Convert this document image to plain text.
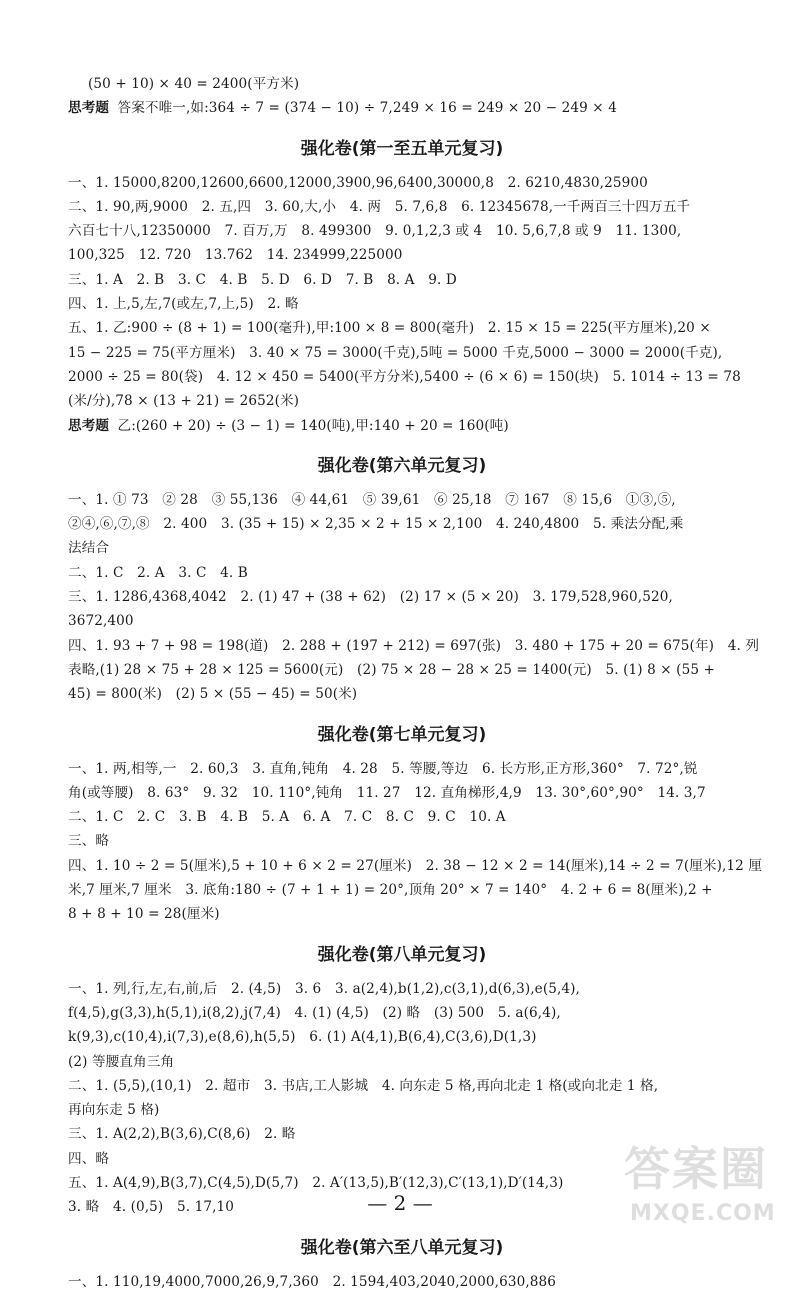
(50 + 10) × 40 = 2400(平方米)
思考题 答案不唯一,如:364 ÷ 7 = (374 − 10) ÷ 7,249 × 16 = 249 × 20 − 249 × 4
强化卷(第一至五单元复习)
一、1. 15000,8200,12600,6600,12000,3900,96,6400,30000,8　2. 6210,4830,25900
二、1. 90,两,9000　2. 五,四　3. 60,大,小　4. 两　5. 7,6,8　6. 12345678,一千两百三十四万五千
六百七十八,12350000　7. 百万,万　8. 499300　9. 0,1,2,3 或 4　10. 5,6,7,8 或 9　11. 1300,
100,325　12. 720　13.762　14. 234999,225000
三、1. A　2. B　3. C　4. B　5. D　6. D　7. B　8. A　9. D
四、1. 上,5,左,7(或左,7,上,5)　2. 略
五、1. 乙:900 ÷ (8 + 1) = 100(毫升),甲:100 × 8 = 800(毫升)　2. 15 × 15 = 225(平方厘米),20 ×
15 − 225 = 75(平方厘米)　3. 40 × 75 = 3000(千克),5吨 = 5000 千克,5000 − 3000 = 2000(千克),
2000 ÷ 25 = 80(袋)　4. 12 × 450 = 5400(平方分米),5400 ÷ (6 × 6) = 150(块)　5. 1014 ÷ 13 = 78
(米/分),78 × (13 + 21) = 2652(米)
思考题 乙:(260 + 20) ÷ (3 − 1) = 140(吨),甲:140 + 20 = 160(吨)
强化卷(第六单元复习)
一、1. ① 73　② 28　③ 55,136　④ 44,61　⑤ 39,61　⑥ 25,18　⑦ 167　⑧ 15,6　①③,⑤,
②④,⑥,⑦,⑧　2. 400　3. (35 + 15) × 2,35 × 2 + 15 × 2,100　4. 240,4800　5. 乘法分配,乘
法结合
二、1. C　2. A　3. C　4. B
三、1. 1286,4368,4042　2. (1) 47 + (38 + 62)　(2) 17 × (5 × 20)　3. 179,528,960,520,
3672,400
四、1. 93 + 7 + 98 = 198(道)　2. 288 + (197 + 212) = 697(张)　3. 480 + 175 + 20 = 675(年)　4. 列
表略,(1) 28 × 75 + 28 × 125 = 5600(元)　(2) 75 × 28 − 28 × 25 = 1400(元)　5. (1) 8 × (55 +
45) = 800(米)　(2) 5 × (55 − 45) = 50(米)
强化卷(第七单元复习)
一、1. 两,相等,一　2. 60,3　3. 直角,钝角　4. 28　5. 等腰,等边　6. 长方形,正方形,360°　7. 72°,锐
角(或等腰)　8. 63°　9. 32　10. 110°,钝角　11. 27　12. 直角梯形,4,9　13. 30°,60°,90°　14. 3,7
二、1. C　2. C　3. B　4. B　5. A　6. A　7. C　8. C　9. C　10. A
三、略
四、1. 10 ÷ 2 = 5(厘米),5 + 10 + 6 × 2 = 27(厘米)　2. 38 − 12 × 2 = 14(厘米),14 ÷ 2 = 7(厘米),12 厘
米,7 厘米,7 厘米　3. 底角:180 ÷ (7 + 1 + 1) = 20°,顶角 20° × 7 = 140°　4. 2 + 6 = 8(厘米),2 +
8 + 8 + 10 = 28(厘米)
强化卷(第八单元复习)
一、1. 列,行,左,右,前,后　2. (4,5)　3. 6　3. a(2,4),b(1,2),c(3,1),d(6,3),e(5,4),
f(4,5),g(3,3),h(5,1),i(8,2),j(7,4)　4. (1) (4,5)　(2) 略　(3) 500　5. a(6,4),
k(9,3),c(10,4),i(7,3),e(8,6),h(5,5)　6. (1) A(4,1),B(6,4),C(3,6),D(1,3)
(2) 等腰直角三角
二、1. (5,5),(10,1)　2. 超市　3. 书店,工人影城　4. 向东走 5 格,再向北走 1 格(或向北走 1 格,
再向东走 5 格)
三、1. A(2,2),B(3,6),C(8,6)　2. 略
四、略
五、1. A(4,9),B(3,7),C(4,5),D(5,7)　2. A′(13,5),B′(12,3),C′(13,1),D′(14,3)
3. 略　4. (0,5)　5. 17,10
强化卷(第六至八单元复习)
一、1. 110,19,4000,7000,26,9,7,360　2. 1594,403,2040,2000,630,886
— 2 —
答案圈
MXQE.COM
